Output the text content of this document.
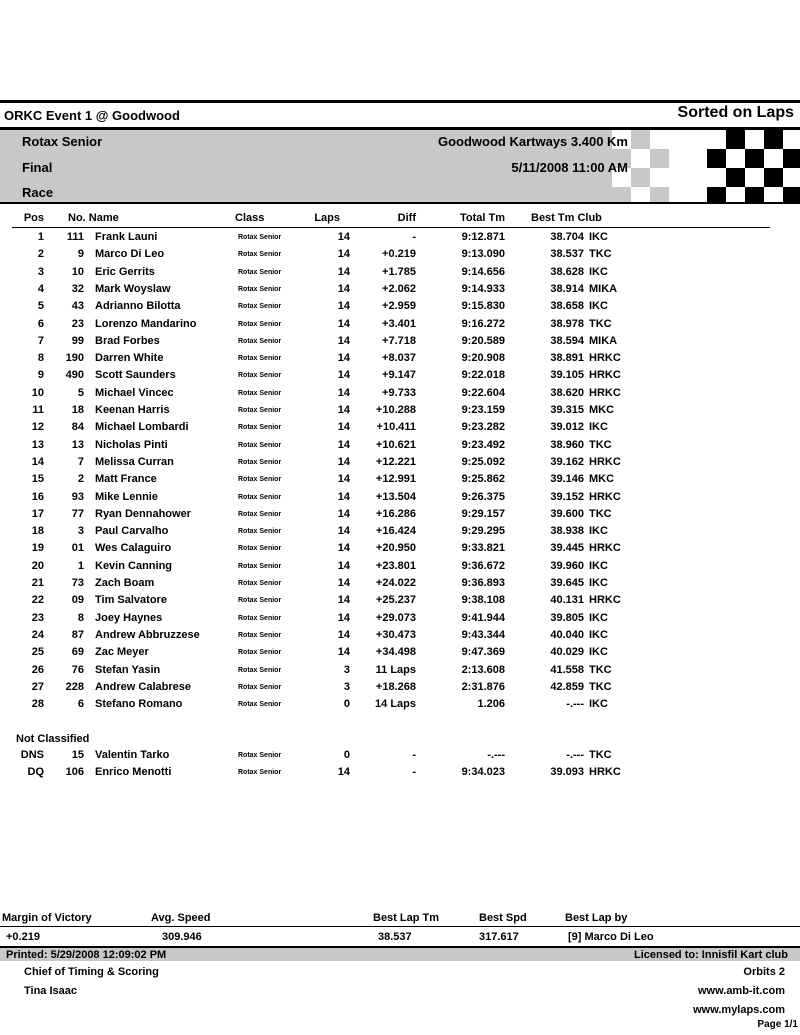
ORKC Event 1 @ Goodwood	Sorted on Laps
Rotax Senior
Final
Race
Goodwood Kartways 3.400 Km
5/11/2008 11:00 AM
Pos No. Name	Class	Laps	Diff	Total Tm Best Tm Club
1	111 Frank Launi	Rotax Senior	14	-	9:12.871	38.704 IKC
2	9 Marco Di Leo	Rotax Senior	14	+0.219	9:13.090	38.537 TKC
3	10 Eric Gerrits	Rotax Senior	14	+1.785	9:14.656	38.628 IKC
4	32 Mark Woyslaw	Rotax Senior	14	+2.062	9:14.933	38.914 MIKA
5	43 Adrianno Bilotta	Rotax Senior	14	+2.959	9:15.830	38.658 IKC
6	23 Lorenzo Mandarino	Rotax Senior	14	+3.401	9:16.272	38.978 TKC
7	99 Brad Forbes	Rotax Senior	14	+7.718	9:20.589	38.594 MIKA
8	190 Darren White	Rotax Senior	14	+8.037	9:20.908	38.891 HRKC
9	490 Scott Saunders	Rotax Senior	14	+9.147	9:22.018	39.105 HRKC
10	5 Michael Vincec	Rotax Senior	14	+9.733	9:22.604	38.620 HRKC
11	18 Keenan Harris	Rotax Senior	14	+10.288	9:23.159	39.315 MKC
12	84 Michael Lombardi	Rotax Senior	14	+10.411	9:23.282	39.012 IKC
13	13 Nicholas Pinti	Rotax Senior	14	+10.621	9:23.492	38.960 TKC
14	7 Melissa Curran	Rotax Senior	14	+12.221	9:25.092	39.162 HRKC
15	2 Matt France	Rotax Senior	14	+12.991	9:25.862	39.146 MKC
16	93 Mike Lennie	Rotax Senior	14	+13.504	9:26.375	39.152 HRKC
17	77 Ryan Dennahower	Rotax Senior	14	+16.286	9:29.157	39.600 TKC
18	3 Paul Carvalho	Rotax Senior	14	+16.424	9:29.295	38.938 IKC
19	01 Wes Calaguiro	Rotax Senior	14	+20.950	9:33.821	39.445 HRKC
20	1 Kevin Canning	Rotax Senior	14	+23.801	9:36.672	39.960 IKC
21	73 Zach Boam	Rotax Senior	14	+24.022	9:36.893	39.645 IKC
22	09 Tim Salvatore	Rotax Senior	14	+25.237	9:38.108	40.131 HRKC
23	8 Joey Haynes	Rotax Senior	14	+29.073	9:41.944	39.805 IKC
24	87 Andrew Abbruzzese	Rotax Senior	14	+30.473	9:43.344	40.040 IKC
25	69 Zac Meyer	Rotax Senior	14	+34.498	9:47.369	40.029 IKC
26	76 Stefan Yasin	Rotax Senior	3	11 Laps	2:13.608	41.558 TKC
27	228 Andrew Calabrese	Rotax Senior	3	+18.268	2:31.876	42.859 TKC
28	6 Stefano Romano	Rotax Senior	0	14 Laps	1.206	-.--- IKC
Not Classified
DNS	15 Valentin Tarko	Rotax Senior	0	-	-.---	-.--- TKC
DQ	106 Enrico Menotti	Rotax Senior	14	-	9:34.023	39.093 HRKC
Margin of Victory	Avg. Speed	Best Lap Tm	Best Spd	Best Lap by
+0.219	309.946	38.537	317.617	[9] Marco Di Leo
Printed: 5/29/2008 12:09:02 PM	Licensed to: Innisfil Kart club
Chief of Timing & Scoring
Tina Isaac
Orbits 2
www.amb-it.com
www.mylaps.com
Page 1/1
